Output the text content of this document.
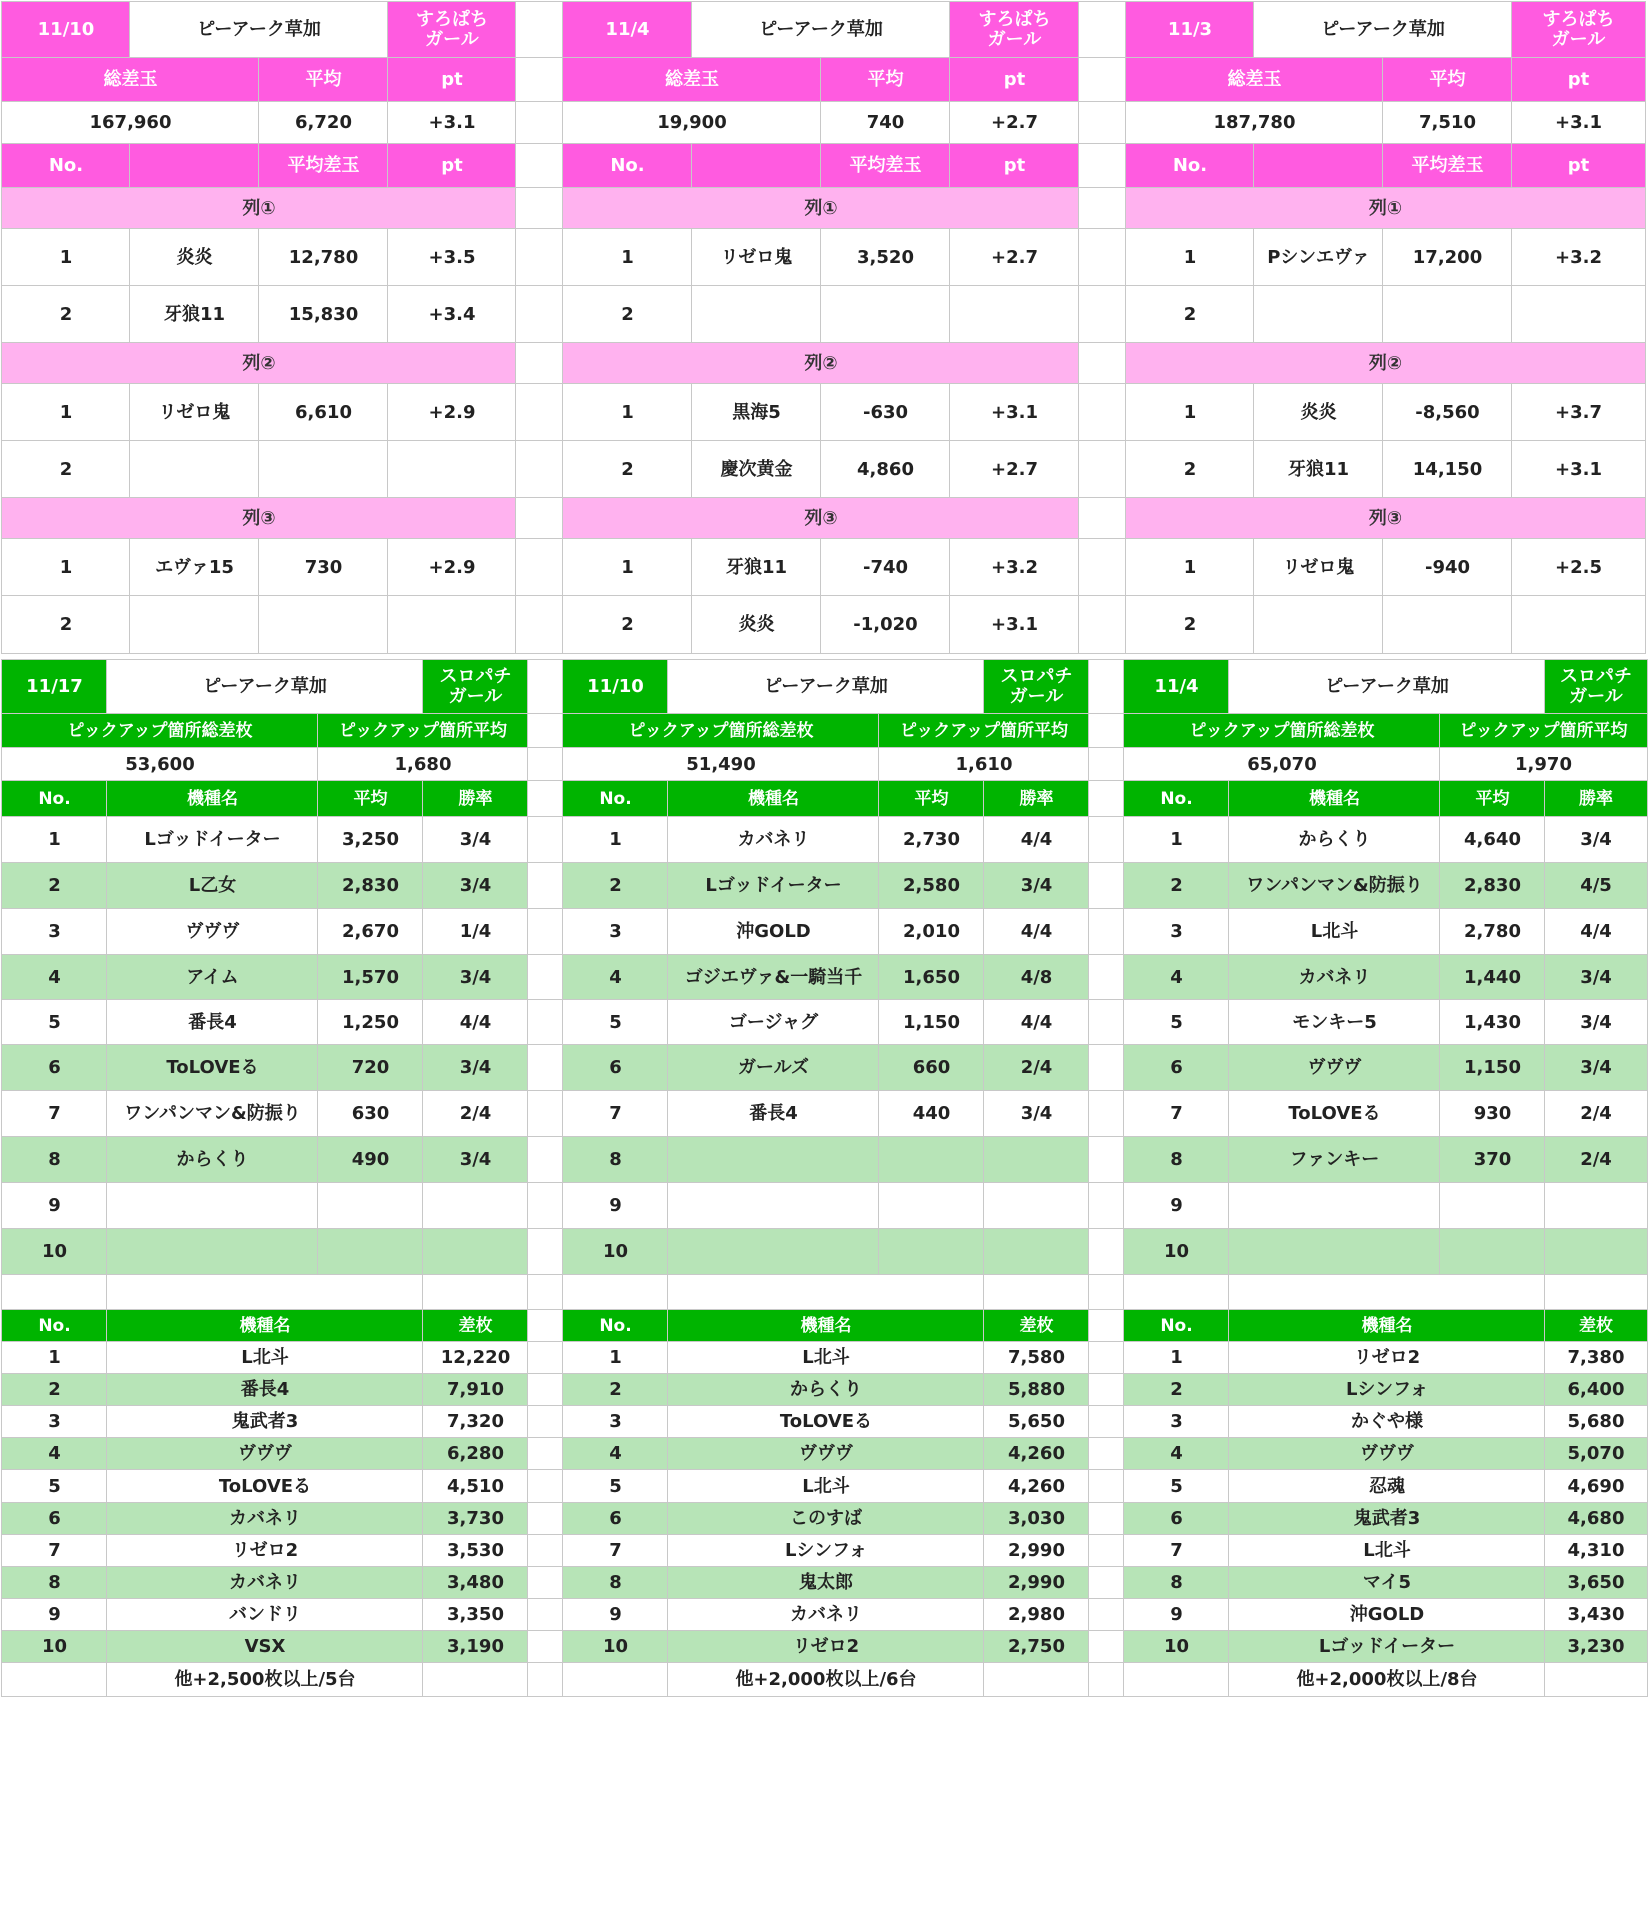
11/10	ピーアーク草加	すろぱち
ガール
総差玉	平均	pt
167,960	6,720	+3.1
No.	平均差玉	pt
列①
1	炎炎	12,780	+3.5
2	牙狼11	15,830	+3.4
列②
1	リゼロ鬼	6,610	+2.9
2
列③
1	エヴァ15	730	+2.9
2
11/4	ピーアーク草加	すろぱち
ガール
総差玉	平均	pt
19,900	740	+2.7
No.	平均差玉	pt
列①
1	リゼロ鬼	3,520	+2.7
2
列②
1	黒海5	-630	+3.1
2	慶次黄金	4,860	+2.7
列③
1	牙狼11	-740	+3.2
2	炎炎	-1,020	+3.1
11/3	ピーアーク草加	すろぱち
ガール
総差玉	平均	pt
187,780	7,510	+3.1
No.	平均差玉	pt
列①
1	Pシンエヴァ	17,200	+3.2
2
列②
1	炎炎	-8,560	+3.7
2	牙狼11	14,150	+3.1
列③
1	リゼロ鬼	-940	+2.5
2
11/17	ピーアーク草加	スロパチ
ガール
ピックアップ箇所総差枚	ピックアップ箇所平均
53,600	1,680
No.	機種名	平均	勝率
1	Lゴッドイーター	3,250	3/4
2	L乙女	2,830	3/4
3	ヴヴヴ	2,670	1/4
4	アイム	1,570	3/4
5	番長4	1,250	4/4
6	ToLOVEる	720	3/4
7	ワンパンマン&防振り	630	2/4
8	からくり	490	3/4
9
10
No.	機種名	差枚
1	L北斗	12,220
2	番長4	7,910
3	鬼武者3	7,320
4	ヴヴヴ	6,280
5	ToLOVEる	4,510
6	カバネリ	3,730
7	リゼロ2	3,530
8	カバネリ	3,480
9	バンドリ	3,350
10	VSX	3,190
他+2,500枚以上/5台
11/10	ピーアーク草加	スロパチ
ガール
ピックアップ箇所総差枚	ピックアップ箇所平均
51,490	1,610
No.	機種名	平均	勝率
1	カバネリ	2,730	4/4
2	Lゴッドイーター	2,580	3/4
3	沖GOLD	2,010	4/4
4	ゴジエヴァ&一騎当千	1,650	4/8
5	ゴージャグ	1,150	4/4
6	ガールズ	660	2/4
7	番長4	440	3/4
8
9
10
No.	機種名	差枚
1	L北斗	7,580
2	からくり	5,880
3	ToLOVEる	5,650
4	ヴヴヴ	4,260
5	L北斗	4,260
6	このすば	3,030
7	Lシンフォ	2,990
8	鬼太郎	2,990
9	カバネリ	2,980
10	リゼロ2	2,750
他+2,000枚以上/6台
11/4	ピーアーク草加	スロパチ
ガール
ピックアップ箇所総差枚	ピックアップ箇所平均
65,070	1,970
No.	機種名	平均	勝率
1	からくり	4,640	3/4
2	ワンパンマン&防振り	2,830	4/5
3	L北斗	2,780	4/4
4	カバネリ	1,440	3/4
5	モンキー5	1,430	3/4
6	ヴヴヴ	1,150	3/4
7	ToLOVEる	930	2/4
8	ファンキー	370	2/4
9
10
No.	機種名	差枚
1	リゼロ2	7,380
2	Lシンフォ	6,400
3	かぐや様	5,680
4	ヴヴヴ	5,070
5	忍魂	4,690
6	鬼武者3	4,680
7	L北斗	4,310
8	マイ5	3,650
9	沖GOLD	3,430
10	Lゴッドイーター	3,230
他+2,000枚以上/8台
